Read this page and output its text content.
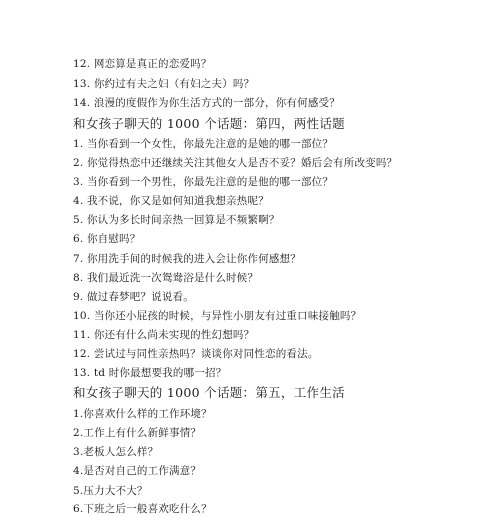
12. 网恋算是真正的恋爱吗？
13. 你约过有夫之妇（有妇之夫）吗？
14. 浪漫的度假作为你生活方式的一部分，你有何感受？
和女孩子聊天的 1000 个话题：第四，两性话题
1. 当你看到一个女性，你最先注意的是她的哪一部位？
2. 你觉得热恋中还继续关注其他女人是否不妥？婚后会有所改变吗？
3. 当你看到一个男性，你最先注意的是他的哪一部位？
4. 我不说，你又是如何知道我想亲热呢？
5. 你认为多长时间亲热一回算是不频繁啊？
6. 你自慰吗？
7. 你用洗手间的时候我的进入会让你作何感想？
8. 我们最近洗一次鸳鸯浴是什么时候？
9. 做过春梦吧？说说看。
10. 当你还小屁孩的时候，与异性小朋友有过重口味接触吗？
11. 你还有什么尚未实现的性幻想吗？
12. 尝试过与同性亲热吗？谈谈你对同性恋的看法。
13. td 时你最想要我的哪一招？
和女孩子聊天的 1000 个话题：第五，工作生活
1.你喜欢什么样的工作环境？
2.工作上有什么新鲜事情？
3.老板人怎么样？
4.是否对自己的工作满意？
5.压力大不大？
6.下班之后一般喜欢吃什么？
